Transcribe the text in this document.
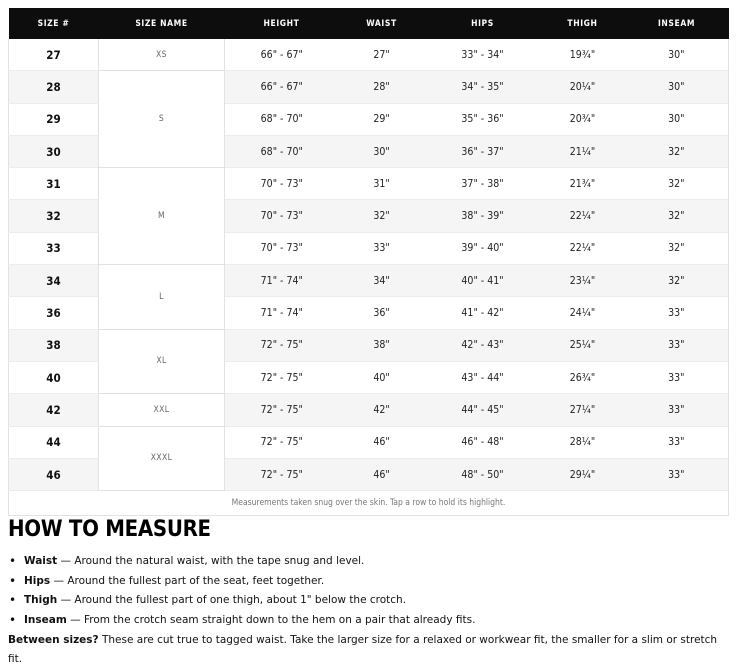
SIZE #	SIZE NAME	HEIGHT	WAIST	HIPS	THIGH	INSEAM
27	XS	66" - 67"	27"	33" - 34"	19¾"	30"
28	S	66" - 67"	28"	34" - 35"	20¼"	30"
29		68" - 70"	29"	35" - 36"	20¾"	30"
30		68" - 70"	30"	36" - 37"	21¼"	32"
31	M	70" - 73"	31"	37" - 38"	21¾"	32"
32		70" - 73"	32"	38" - 39"	22¼"	32"
33		70" - 73"	33"	39" - 40"	22¼"	32"
34	L	71" - 74"	34"	40" - 41"	23¼"	32"
36		71" - 74"	36"	41" - 42"	24¼"	33"
38	XL	72" - 75"	38"	42" - 43"	25¼"	33"
40		72" - 75"	40"	43" - 44"	26¾"	33"
42	XXL	72" - 75"	42"	44" - 45"	27¼"	33"
44	XXXL	72" - 75"	46"	46" - 48"	28¼"	33"
46		72" - 75"	46"	48" - 50"	29¼"	33"
Measurements taken snug over the skin. Tap a row to hold its highlight.						
HOW TO MEASURE
• Waist — Around the natural waist, with the tape snug and level.
• Hips — Around the fullest part of the seat, feet together.
• Thigh — Around the fullest part of one thigh, about 1" below the crotch.
• Inseam — From the crotch seam straight down to the hem on a pair that already fits.

Between sizes? These are cut true to tagged waist. Take the larger size for a relaxed or workwear fit, the smaller for a slim or stretch fit.
